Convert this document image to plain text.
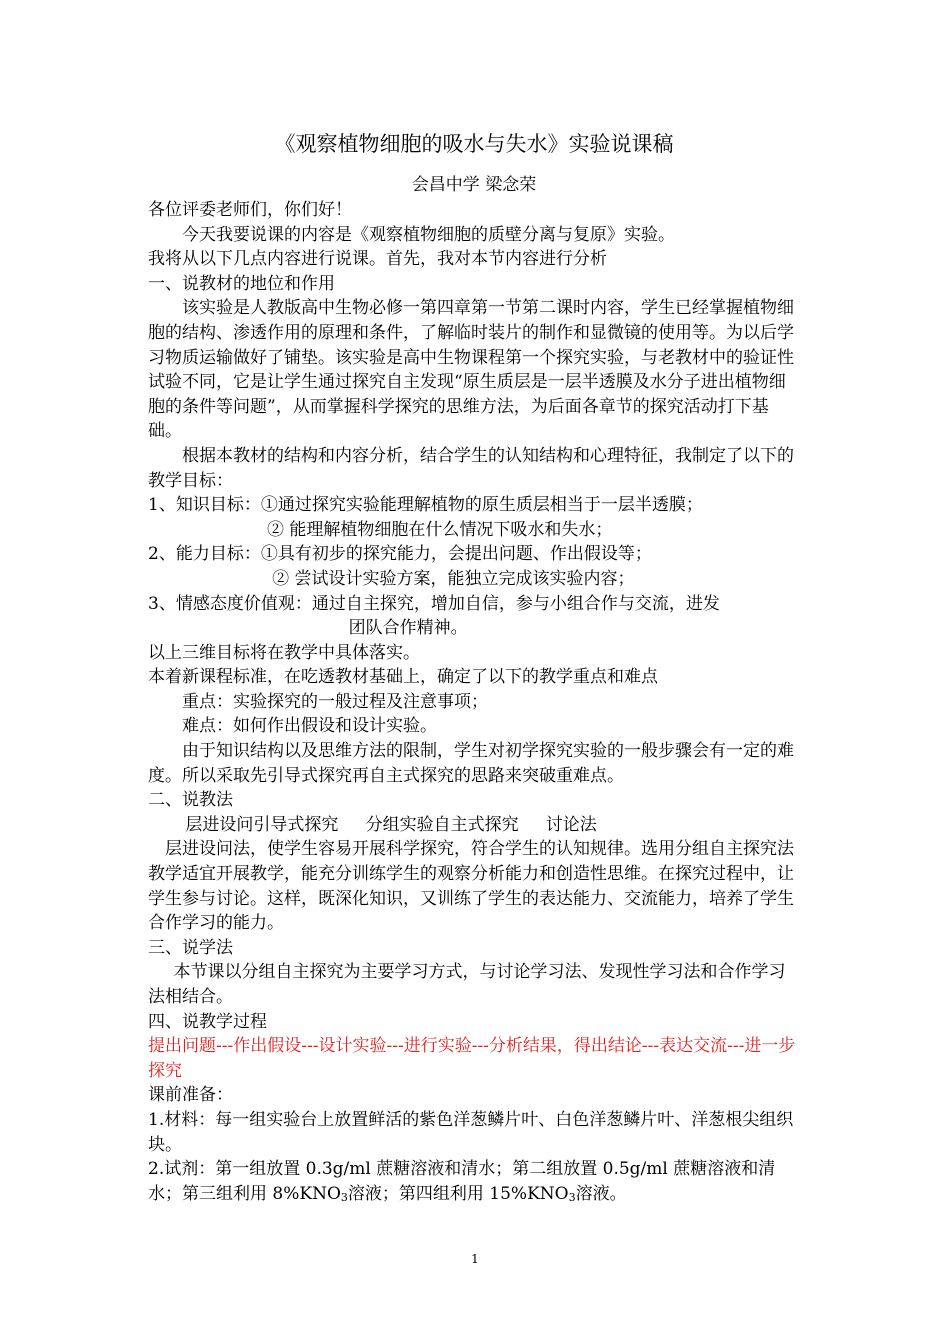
《观察植物细胞的吸水与失水》实验说课稿

会昌中学 梁念荣

各位评委老师们，你们好！

今天我要说课的内容是《观察植物细胞的质壁分离与复原》实验。

我将从以下几点内容进行说课。首先，我对本节内容进行分析

一、说教材的地位和作用

该实验是人教版高中生物必修一第四章第一节第二课时内容，学生已经掌握植物细胞的结构、渗透作用的原理和条件，了解临时装片的制作和显微镜的使用等。为以后学习物质运输做好了铺垫。该实验是高中生物课程第一个探究实验，与老教材中的验证性试验不同，它是让学生通过探究自主发现“原生质层是一层半透膜及水分子进出植物细胞的条件等问题”，从而掌握科学探究的思维方法，为后面各章节的探究活动打下基础。

根据本教材的结构和内容分析，结合学生的认知结构和心理特征，我制定了以下的教学目标：

1、知识目标：①通过探究实验能理解植物的原生质层相当于一层半透膜；

② 能理解植物细胞在什么情况下吸水和失水；

2、能力目标：①具有初步的探究能力，会提出问题、作出假设等；

② 尝试设计实验方案，能独立完成该实验内容；

3、情感态度价值观：通过自主探究，增加自信，参与小组合作与交流，进发

团队合作精神。

以上三维目标将在教学中具体落实。

本着新课程标准，在吃透教材基础上，确定了以下的教学重点和难点

重点：实验探究的一般过程及注意事项；

难点：如何作出假设和设计实验。

由于知识结构以及思维方法的限制，学生对初学探究实验的一般步骤会有一定的难度。所以采取先引导式探究再自主式探究的思路来突破重难点。

二、说教法

层进设问引导式探究 分组实验自主式探究 讨论法

层进设问法，使学生容易开展科学探究，符合学生的认知规律。选用分组自主探究法教学适宜开展教学，能充分训练学生的观察分析能力和创造性思维。在探究过程中，让学生参与讨论。这样，既深化知识，又训练了学生的表达能力、交流能力，培养了学生合作学习的能力。

三、说学法

本节课以分组自主探究为主要学习方式，与讨论学习法、发现性学习法和合作学习法相结合。

四、说教学过程

提出问题---作出假设---设计实验---进行实验---分析结果，得出结论---表达交流---进一步探究

课前准备：

1.材料：每一组实验台上放置鲜活的紫色洋葱鳞片叶、白色洋葱鳞片叶、洋葱根尖组织块。

2.试剂：第一组放置 0.3g/ml 蔗糖溶液和清水；第二组放置 0.5g/ml 蔗糖溶液和清水；第三组利用 $8\%KNO_3$溶液；第四组利用 $15\%KNO_3$溶液。

1
